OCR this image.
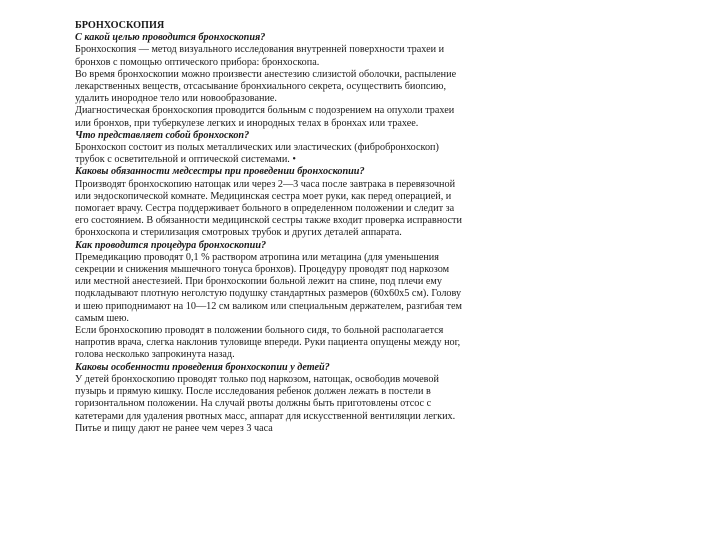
БРОНХОСКОПИЯ
С какой целью проводится бронхоскопия?
Бронхоскопия — метод визуального исследования внутренней поверхности трахеи и
бронхов с помощью оптического прибора: бронхоскопа.
Во время бронхоскопии можно произвести анестезию слизистой оболочки, распыление
лекарственных веществ, отсасывание бронхиального секрета, осуществить биопсию,
удалить инородное тело или новообразование.
Диагностическая бронхоскопия проводится больным с подозрением на опухоли трахеи
или бронхов, при туберкулезе легких и инородных телах в бронхах или трахее.
Что представляет собой бронхоскоп?
Бронхоскоп состоит из полых металлических или эластических (фибробронхоскоп)
трубок с осветительной и оптической системами. •
Каковы обязанности медсестры при проведении бронхоскопии?
Производят бронхоскопию натощак или через 2—3 часа после завтрака в перевязочной
или эндоскопической комнате. Медицинская сестра моет руки, как перед операцией, и
помогает врачу. Сестра поддерживает больного в определенном положении и следит за
его состоянием. В обязанности медицинской сестры также входит проверка исправности
бронхоскопа и стерилизация смотровых трубок и других деталей аппарата.
Как проводится процедура бронхоскопии?
Премедикацию проводят 0,1 % раствором атропина или метацина (для уменьшения
секреции и снижения мышечного тонуса бронхов). Процедуру проводят под наркозом
или местной анестезией. При бронхоскопии больной лежит на спине, под плечи ему
подкладывают плотную неголстую подушку стандартных размеров (60х60х5 см). Голову
и шею приподнимают на 10—12 см валиком или специальным держателем, разгибая тем
самым шею.
Если бронхоскопию проводят в положении больного сидя, то больной располагается
напротив врача, слегка наклонив туловище впереди. Руки пациента опущены между ног,
голова несколько запрокинута назад.
Каковы особенности проведения бронхоскопии у детей?
У детей бронхоскопию проводят только под наркозом, натощак, освободив мочевой
пузырь и прямую кишку. После исследования ребенок должен лежать в постели в
горизонтальном положении. На случай рвоты должны быть приготовлены отсос с
катетерами для удаления рвотных масс, аппарат для искусственной вентиляции легких.
Питье и пищу дают не ранее чем через 3 часа
